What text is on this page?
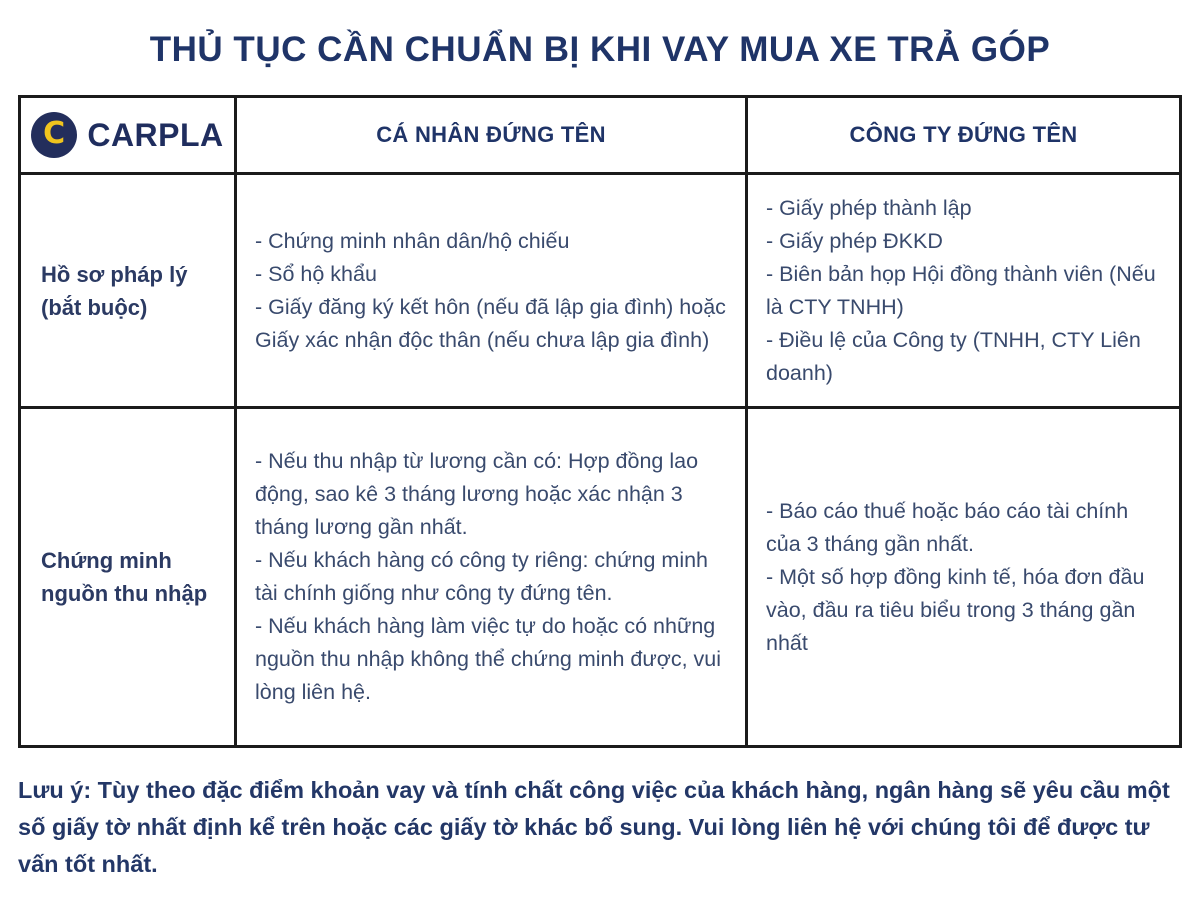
THỦ TỤC CẦN CHUẨN BỊ KHI VAY MUA XE TRẢ GÓP
C CARPLA	CÁ NHÂN ĐỨNG TÊN	CÔNG TY ĐỨNG TÊN
Hồ sơ pháp lý (bắt buộc)
- Chứng minh nhân dân/hộ chiếu
- Sổ hộ khẩu
- Giấy đăng ký kết hôn (nếu đã lập gia đình) hoặc Giấy xác nhận độc thân (nếu chưa lập gia đình)
- Giấy phép thành lập
- Giấy phép ĐKKD
- Biên bản họp Hội đồng thành viên (Nếu là CTY TNHH)
- Điều lệ của Công ty (TNHH, CTY Liên doanh)
Chứng minh nguồn thu nhập
- Nếu thu nhập từ lương cần có: Hợp đồng lao động, sao kê 3 tháng lương hoặc xác nhận 3 tháng lương gần nhất.
- Nếu khách hàng có công ty riêng: chứng minh tài chính giống như công ty đứng tên.
- Nếu khách hàng làm việc tự do hoặc có những nguồn thu nhập không thể chứng minh được, vui lòng liên hệ.
- Báo cáo thuế hoặc báo cáo tài chính của 3 tháng gần nhất.
- Một số hợp đồng kinh tế, hóa đơn đầu vào, đầu ra tiêu biểu trong 3 tháng gần nhất

Lưu ý: Tùy theo đặc điểm khoản vay và tính chất công việc của khách hàng, ngân hàng sẽ yêu cầu một số giấy tờ nhất định kể trên hoặc các giấy tờ khác bổ sung. Vui lòng liên hệ với chúng tôi để được tư vấn tốt nhất.
